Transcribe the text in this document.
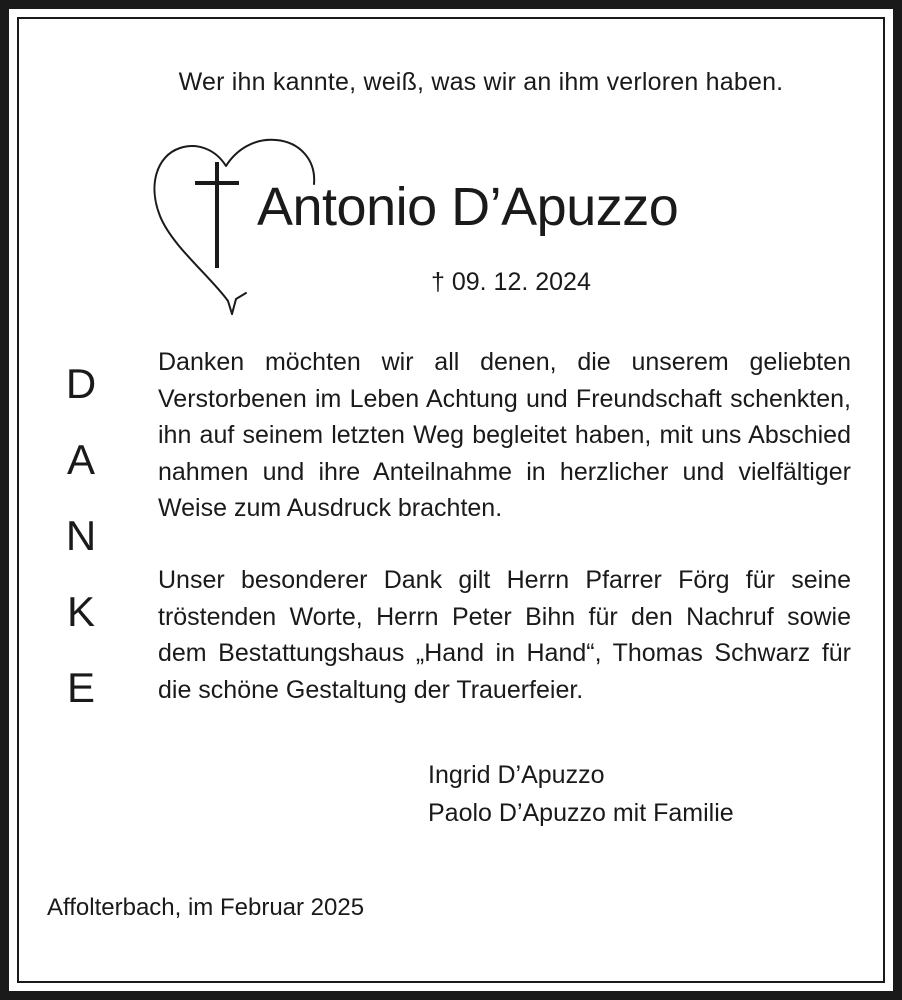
Wer ihn kannte, weiß, was wir an ihm verloren haben.
Antonio D’Apuzzo
† 09. 12. 2024
D
A
N
K
E
Danken möchten wir all denen, die unserem geliebten Verstorbenen im Leben Achtung und Freundschaft schenkten, ihn auf seinem letzten Weg begleitet haben, mit uns Abschied nahmen und ihre Anteilnahme in herzlicher und vielfältiger Weise zum Ausdruck brachten.
Unser besonderer Dank gilt Herrn Pfarrer Förg für seine tröstenden Worte, Herrn Peter Bihn für den Nachruf sowie dem Bestattungshaus „Hand in Hand“, Thomas Schwarz für die schöne Gestaltung der Trauerfeier.
Ingrid D’Apuzzo
Paolo D’Apuzzo mit Familie
Affolterbach, im Februar 2025
